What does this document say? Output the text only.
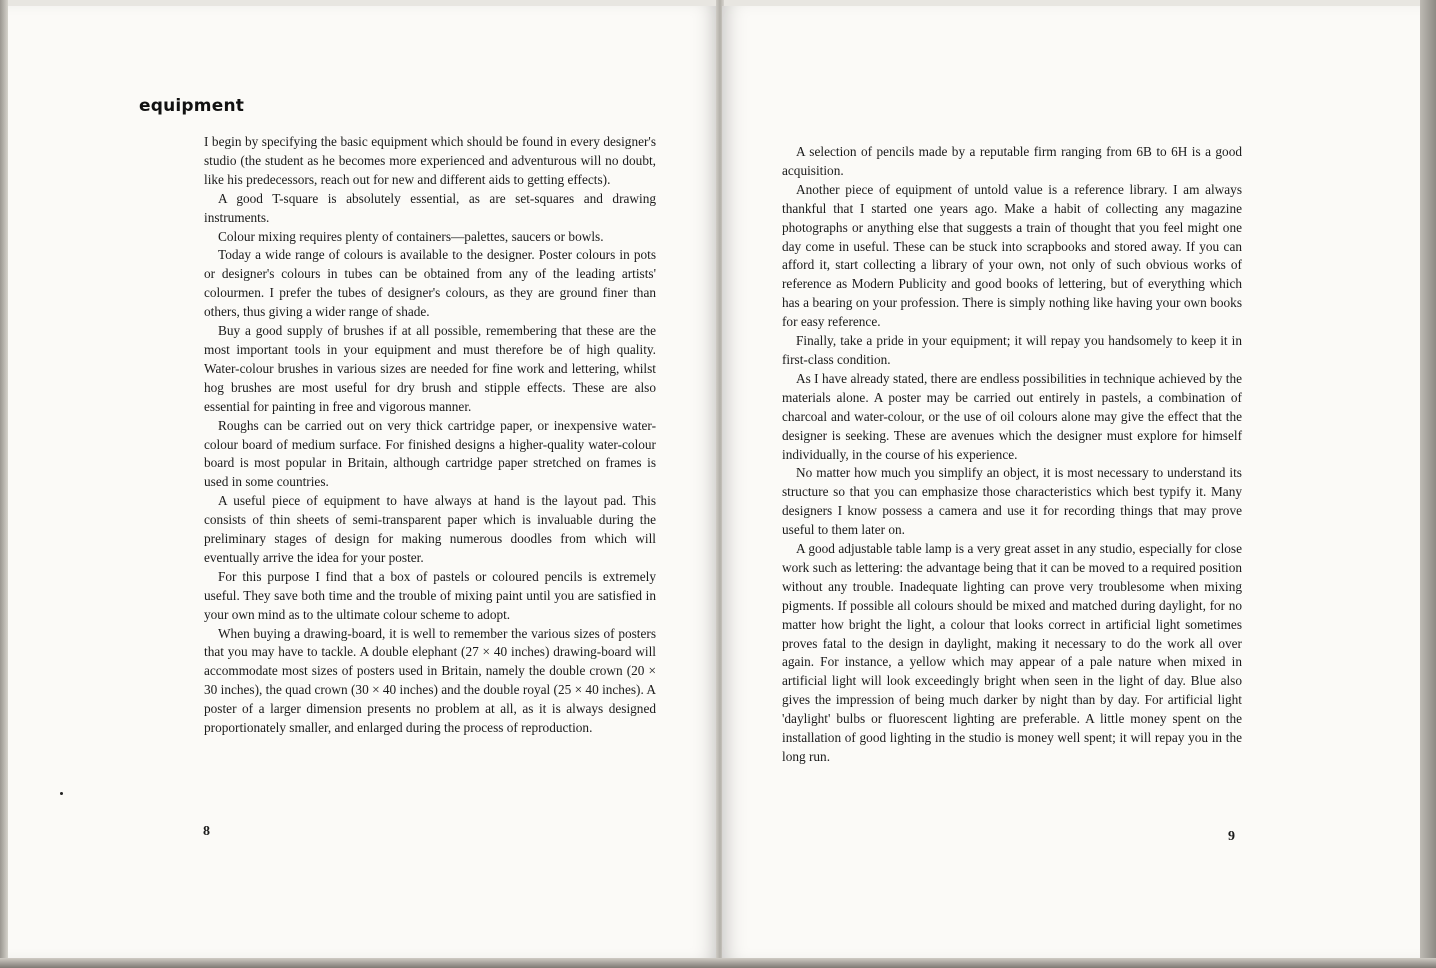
equipment

I begin by specifying the basic equipment which should be found in every designer's studio (the student as he becomes more experienced and adventurous will no doubt, like his predecessors, reach out for new and different aids to getting effects).

A good T-square is absolutely essential, as are set-squares and drawing instruments.

Colour mixing requires plenty of containers—palettes, saucers or bowls.

Today a wide range of colours is available to the designer. Poster colours in pots or designer's colours in tubes can be obtained from any of the leading artists' colourmen. I prefer the tubes of designer's colours, as they are ground finer than others, thus giving a wider range of shade.

Buy a good supply of brushes if at all possible, remembering that these are the most important tools in your equipment and must therefore be of high quality. Water-colour brushes in various sizes are needed for fine work and lettering, whilst hog brushes are most useful for dry brush and stipple effects. These are also essential for painting in free and vigorous manner.

Roughs can be carried out on very thick cartridge paper, or inexpensive water-colour board of medium surface. For finished designs a higher-quality water-colour board is most popular in Britain, although cartridge paper stretched on frames is used in some countries.

A useful piece of equipment to have always at hand is the layout pad. This consists of thin sheets of semi-transparent paper which is invaluable during the preliminary stages of design for making numerous doodles from which will eventually arrive the idea for your poster.

For this purpose I find that a box of pastels or coloured pencils is extremely useful. They save both time and the trouble of mixing paint until you are satisfied in your own mind as to the ultimate colour scheme to adopt.

When buying a drawing-board, it is well to remember the various sizes of posters that you may have to tackle. A double elephant (27 × 40 inches) drawing-board will accommodate most sizes of posters used in Britain, namely the double crown (20 × 30 inches), the quad crown (30 × 40 inches) and the double royal (25 × 40 inches). A poster of a larger dimension presents no problem at all, as it is always designed proportionately smaller, and enlarged during the process of reproduction.

8

A selection of pencils made by a reputable firm ranging from 6B to 6H is a good acquisition.

Another piece of equipment of untold value is a reference library. I am always thankful that I started one years ago. Make a habit of collecting any magazine photographs or anything else that suggests a train of thought that you feel might one day come in useful. These can be stuck into scrapbooks and stored away. If you can afford it, start collecting a library of your own, not only of such obvious works of reference as Modern Publicity and good books of lettering, but of everything which has a bearing on your profession. There is simply nothing like having your own books for easy reference.

Finally, take a pride in your equipment; it will repay you handsomely to keep it in first-class condition.

As I have already stated, there are endless possibilities in technique achieved by the materials alone. A poster may be carried out entirely in pastels, a combination of charcoal and water-colour, or the use of oil colours alone may give the effect that the designer is seeking. These are avenues which the designer must explore for himself individually, in the course of his experience.

No matter how much you simplify an object, it is most necessary to understand its structure so that you can emphasize those characteristics which best typify it. Many designers I know possess a camera and use it for recording things that may prove useful to them later on.

A good adjustable table lamp is a very great asset in any studio, especially for close work such as lettering: the advantage being that it can be moved to a required position without any trouble. Inadequate lighting can prove very troublesome when mixing pigments. If possible all colours should be mixed and matched during daylight, for no matter how bright the light, a colour that looks correct in artificial light sometimes proves fatal to the design in daylight, making it necessary to do the work all over again. For instance, a yellow which may appear of a pale nature when mixed in artificial light will look exceedingly bright when seen in the light of day. Blue also gives the impression of being much darker by night than by day. For artificial light 'daylight' bulbs or fluorescent lighting are preferable. A little money spent on the installation of good lighting in the studio is money well spent; it will repay you in the long run.

9
